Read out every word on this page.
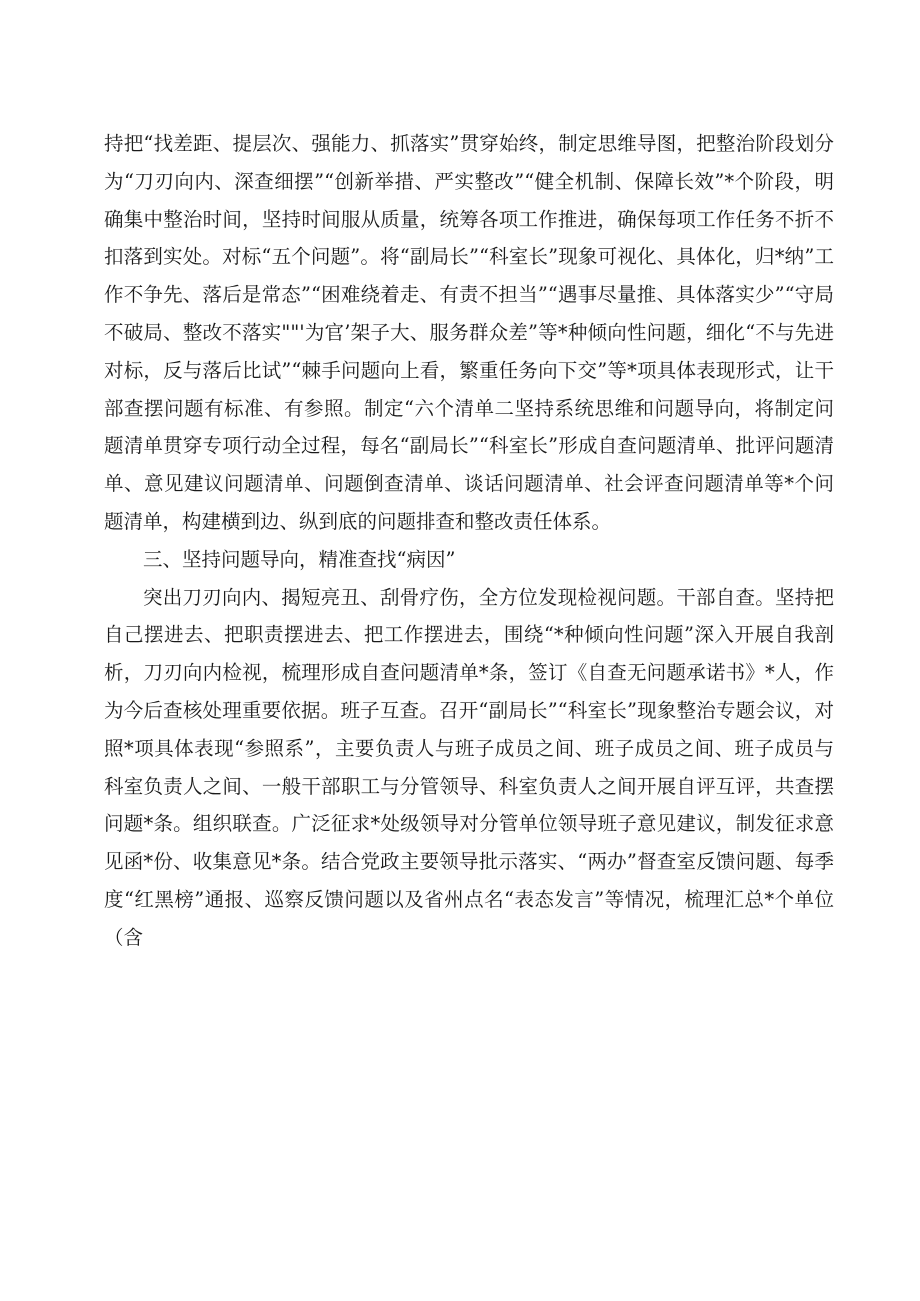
持把“找差距、提层次、强能力、抓落实”贯穿始终，制定思维导图，把整治阶段划分为“刀刃向内、深查细摆”“创新举措、严实整改”“健全机制、保障长效”*个阶段，明确集中整治时间，坚持时间服从质量，统筹各项工作推进，确保每项工作任务不折不扣落到实处。对标“五个问题”。将“副局长”“科室长”现象可视化、具体化，归*纳”工作不争先、落后是常态”“困难绕着走、有责不担当”“遇事尽量推、具体落实少”“守局不破局、整改不落实""'为官’架子大、服务群众差”等*种倾向性问题，细化“不与先进对标，反与落后比试”“棘手问题向上看，繁重任务向下交”等*项具体表现形式，让干部查摆问题有标准、有参照。制定“六个清单二坚持系统思维和问题导向，将制定问题清单贯穿专项行动全过程，每名“副局长”“科室长”形成自查问题清单、批评问题清单、意见建议问题清单、问题倒查清单、谈话问题清单、社会评查问题清单等*个问题清单，构建横到边、纵到底的问题排查和整改责任体系。

三、坚持问题导向，精准查找“病因”

突出刀刃向内、揭短亮丑、刮骨疗伤，全方位发现检视问题。干部自查。坚持把自己摆进去、把职责摆进去、把工作摆进去，围绕“*种倾向性问题”深入开展自我剖析，刀刃向内检视，梳理形成自查问题清单*条，签订《自查无问题承诺书》*人，作为今后查核处理重要依据。班子互查。召开“副局长”“科室长”现象整治专题会议，对照*项具体表现“参照系”，主要负责人与班子成员之间、班子成员之间、班子成员与科室负责人之间、一般干部职工与分管领导、科室负责人之间开展自评互评，共查摆问题*条。组织联查。广泛征求*处级领导对分管单位领导班子意见建议，制发征求意见函*份、收集意见*条。结合党政主要领导批示落实、“两办”督查室反馈问题、每季度“红黑榜”通报、巡察反馈问题以及省州点名“表态发言”等情况，梳理汇总*个单位（含
